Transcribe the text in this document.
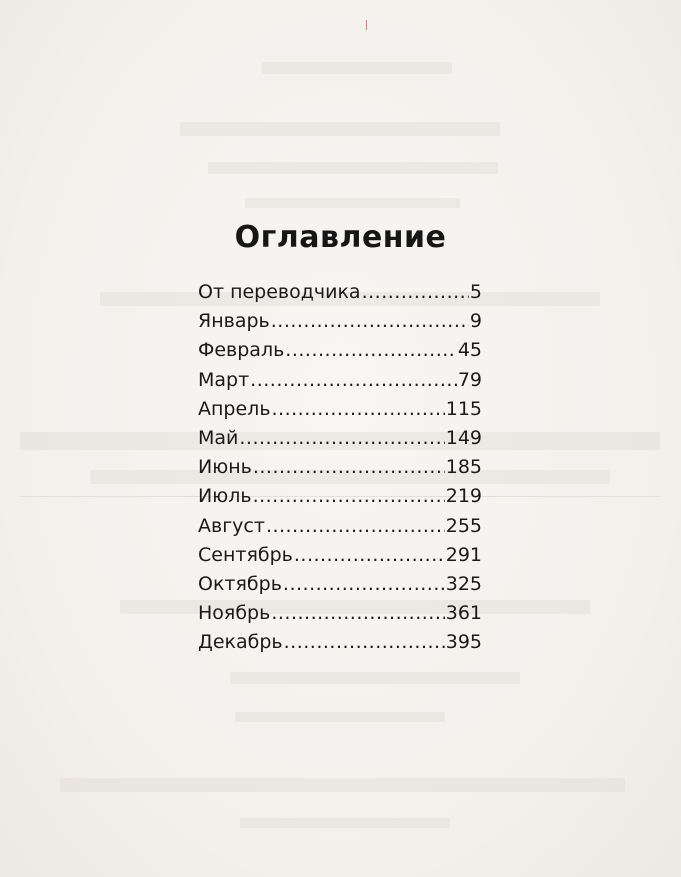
Оглавление
От переводчика .....	5
Январь .....	9
Февраль .....	45
Март .....	79
Апрель .....	115
Май .....	149
Июнь .....	185
Июль .....	219
Август .....	255
Сентябрь .....	291
Октябрь .....	325
Ноябрь .....	361
Декабрь .....	395
